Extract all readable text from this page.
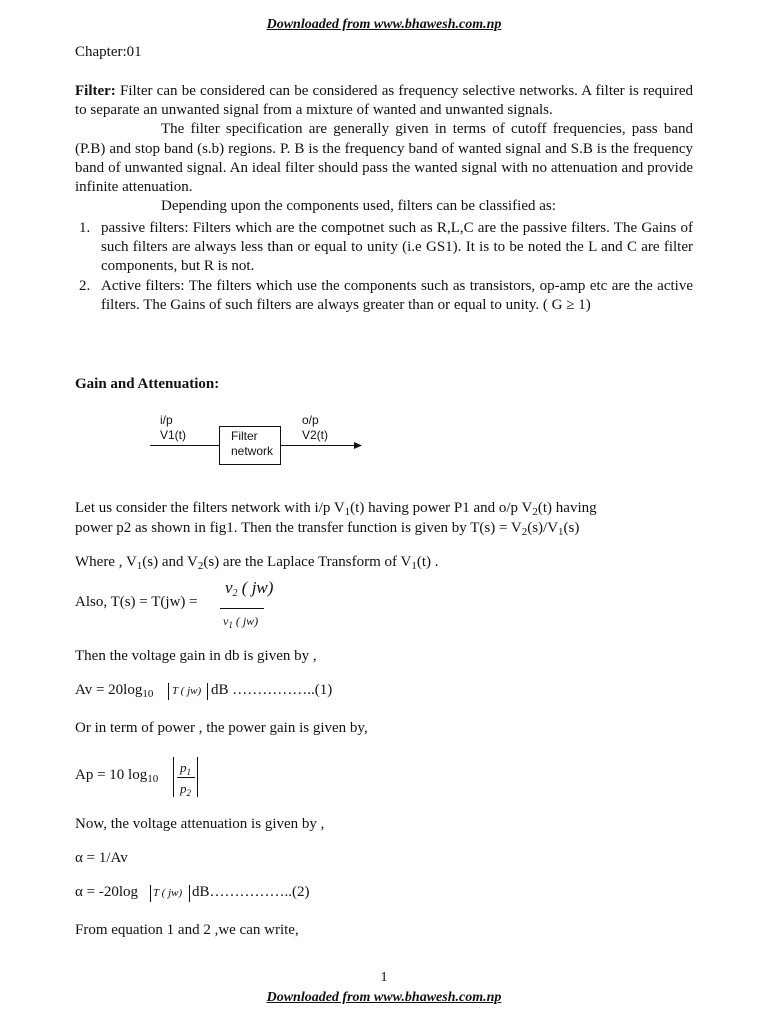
Downloaded from www.bhawesh.com.np
Chapter:01

Filter: Filter can be considered can be considered as frequency selective networks. A filter is required to separate an unwanted signal from a mixture of wanted and unwanted signals.

The filter specification are generally given in terms of cutoff frequencies, pass band (P.B) and stop band (s.b) regions. P. B is the frequency band of wanted signal and S.B is the frequency band of unwanted signal. An ideal filter should pass the wanted signal with no attenuation and provide infinite attenuation.

Depending upon the components used, filters can be classified as:

1. passive filters: Filters which are the compotnet such as R,L,C are the passive filters. The Gains of such filters are always less than or equal to unity (i.e GS1). It is to be noted the L and C are filter components, but R is not.
2. Active filters: The filters which use the components such as transistors, op-amp etc are the active filters. The Gains of such filters are always greater than or equal to unity. ( G ≥ 1)
Gain and Attenuation:
i/p
V1(t)
o/p
V2(t)
Filter
network
Let us consider the filters network with i/p $V_1(t)$ having power P1 and o/p $V_2(t)$ having
power p2 as shown in fig1. Then the transfer function is given by $T(s) = V_2(s)/V_1(s)$
Where , $V_1(s)$ and $V_2(s)$ are the Laplace Transform of $V_1(t)$ .
Also, T(s) = T(jw) =
$v_2$ ( jw)
$v_1$ ( jw)
Then the voltage gain in db is given by ,
$Av = 20\log_{10}$ T ( jw) dB ……………..(1)
Or in term of power , the power gain is given by,
Ap = 10 $\log_{10}$
$p_1$
$p_2$
Now, the voltage attenuation is given by ,
α = 1/Av
α = -20log T ( jw) dB……………..(2)
From equation 1 and 2 ,we can write,
1
Downloaded from www.bhawesh.com.np
